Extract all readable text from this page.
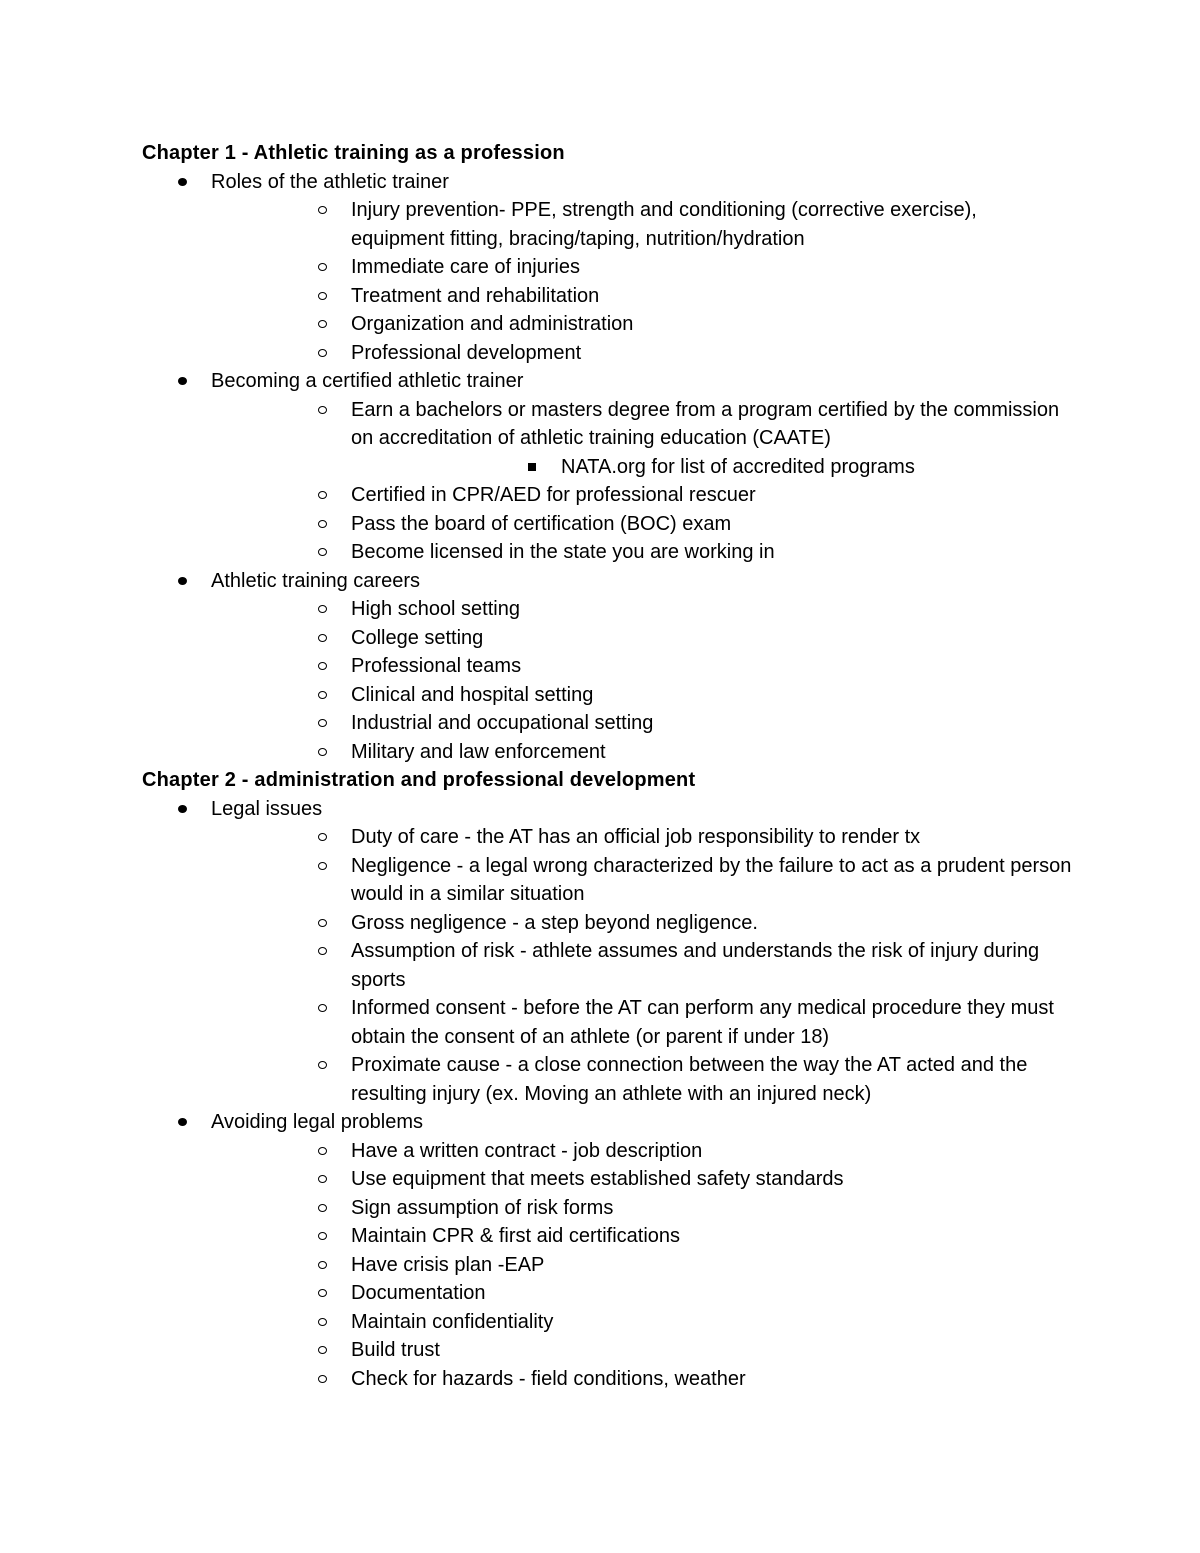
Chapter 1 - Athletic training as a profession

Roles of the athletic trainer
Injury prevention- PPE, strength and conditioning (corrective exercise), equipment fitting, bracing/taping, nutrition/hydration
Immediate care of injuries
Treatment and rehabilitation
Organization and administration
Professional development
Becoming a certified athletic trainer
Earn a bachelors or masters degree from a program certified by the commission on accreditation of athletic training education (CAATE)
NATA.org for list of accredited programs
Certified in CPR/AED for professional rescuer
Pass the board of certification (BOC) exam
Become licensed in the state you are working in
Athletic training careers
High school setting
College setting
Professional teams
Clinical and hospital setting
Industrial and occupational setting
Military and law enforcement

Chapter 2 - administration and professional development

Legal issues
Duty of care - the AT has an official job responsibility to render tx
Negligence - a legal wrong characterized by the failure to act as a prudent person would in a similar situation
Gross negligence - a step beyond negligence.
Assumption of risk - athlete assumes and understands the risk of injury during sports
Informed consent - before the AT can perform any medical procedure they must obtain the consent of an athlete (or parent if under 18)
Proximate cause - a close connection between the way the AT acted and the resulting injury (ex. Moving an athlete with an injured neck)
Avoiding legal problems
Have a written contract - job description
Use equipment that meets established safety standards
Sign assumption of risk forms
Maintain CPR & first aid certifications
Have crisis plan -EAP
Documentation
Maintain confidentiality
Build trust
Check for hazards - field conditions, weather
